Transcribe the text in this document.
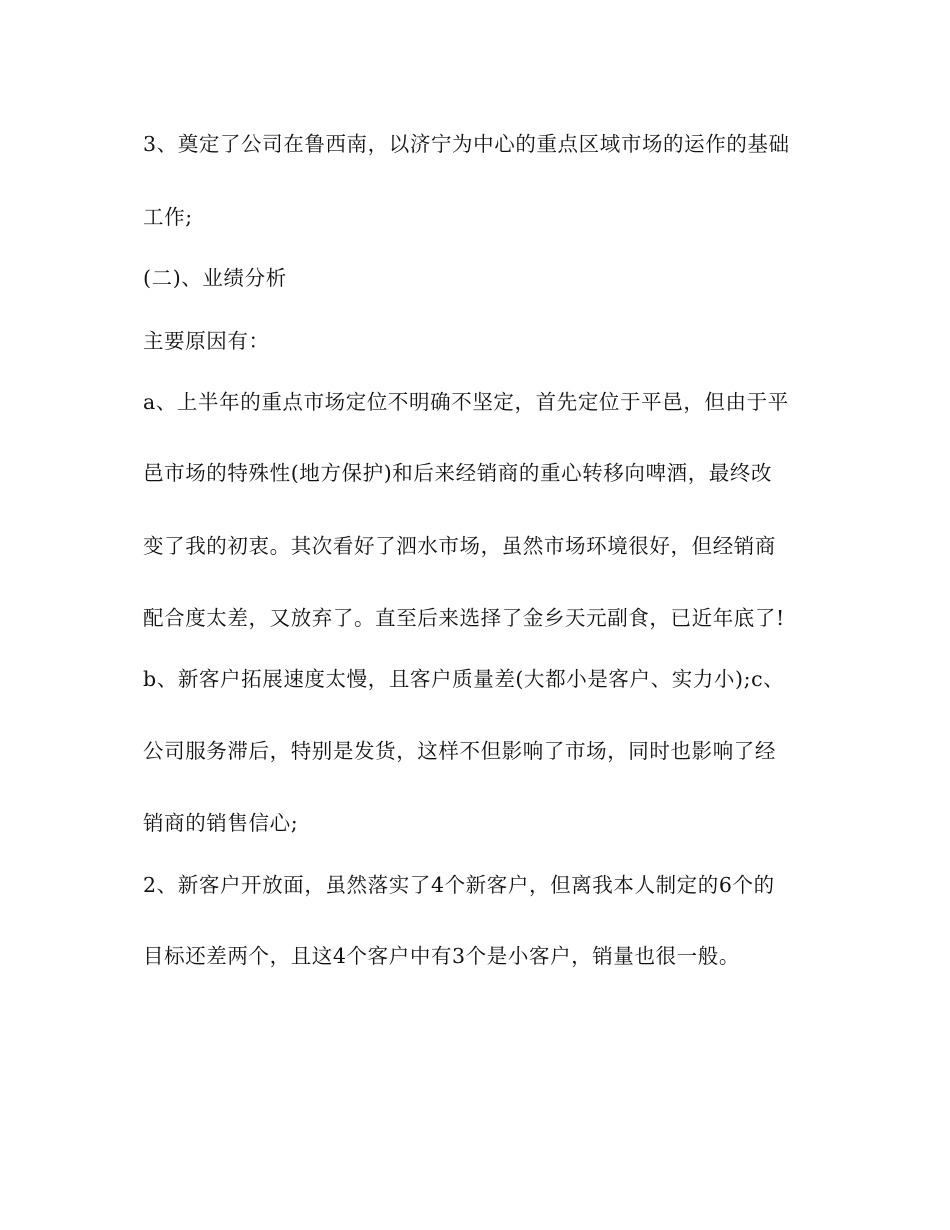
3、奠定了公司在鲁西南，以济宁为中心的重点区域市场的运作的基础

工作;

(二)、业绩分析

主要原因有：

a、上半年的重点市场定位不明确不坚定，首先定位于平邑，但由于平

邑市场的特殊性(地方保护)和后来经销商的重心转移向啤酒，最终改

变了我的初衷。其次看好了泗水市场，虽然市场环境很好，但经销商

配合度太差，又放弃了。直至后来选择了金乡天元副食，已近年底了!

b、新客户拓展速度太慢，且客户质量差(大都小是客户、实力小);c、

公司服务滞后，特别是发货，这样不但影响了市场，同时也影响了经

销商的销售信心;

2、新客户开放面，虽然落实了4个新客户，但离我本人制定的6个的

目标还差两个，且这4个客户中有3个是小客户，销量也很一般。
